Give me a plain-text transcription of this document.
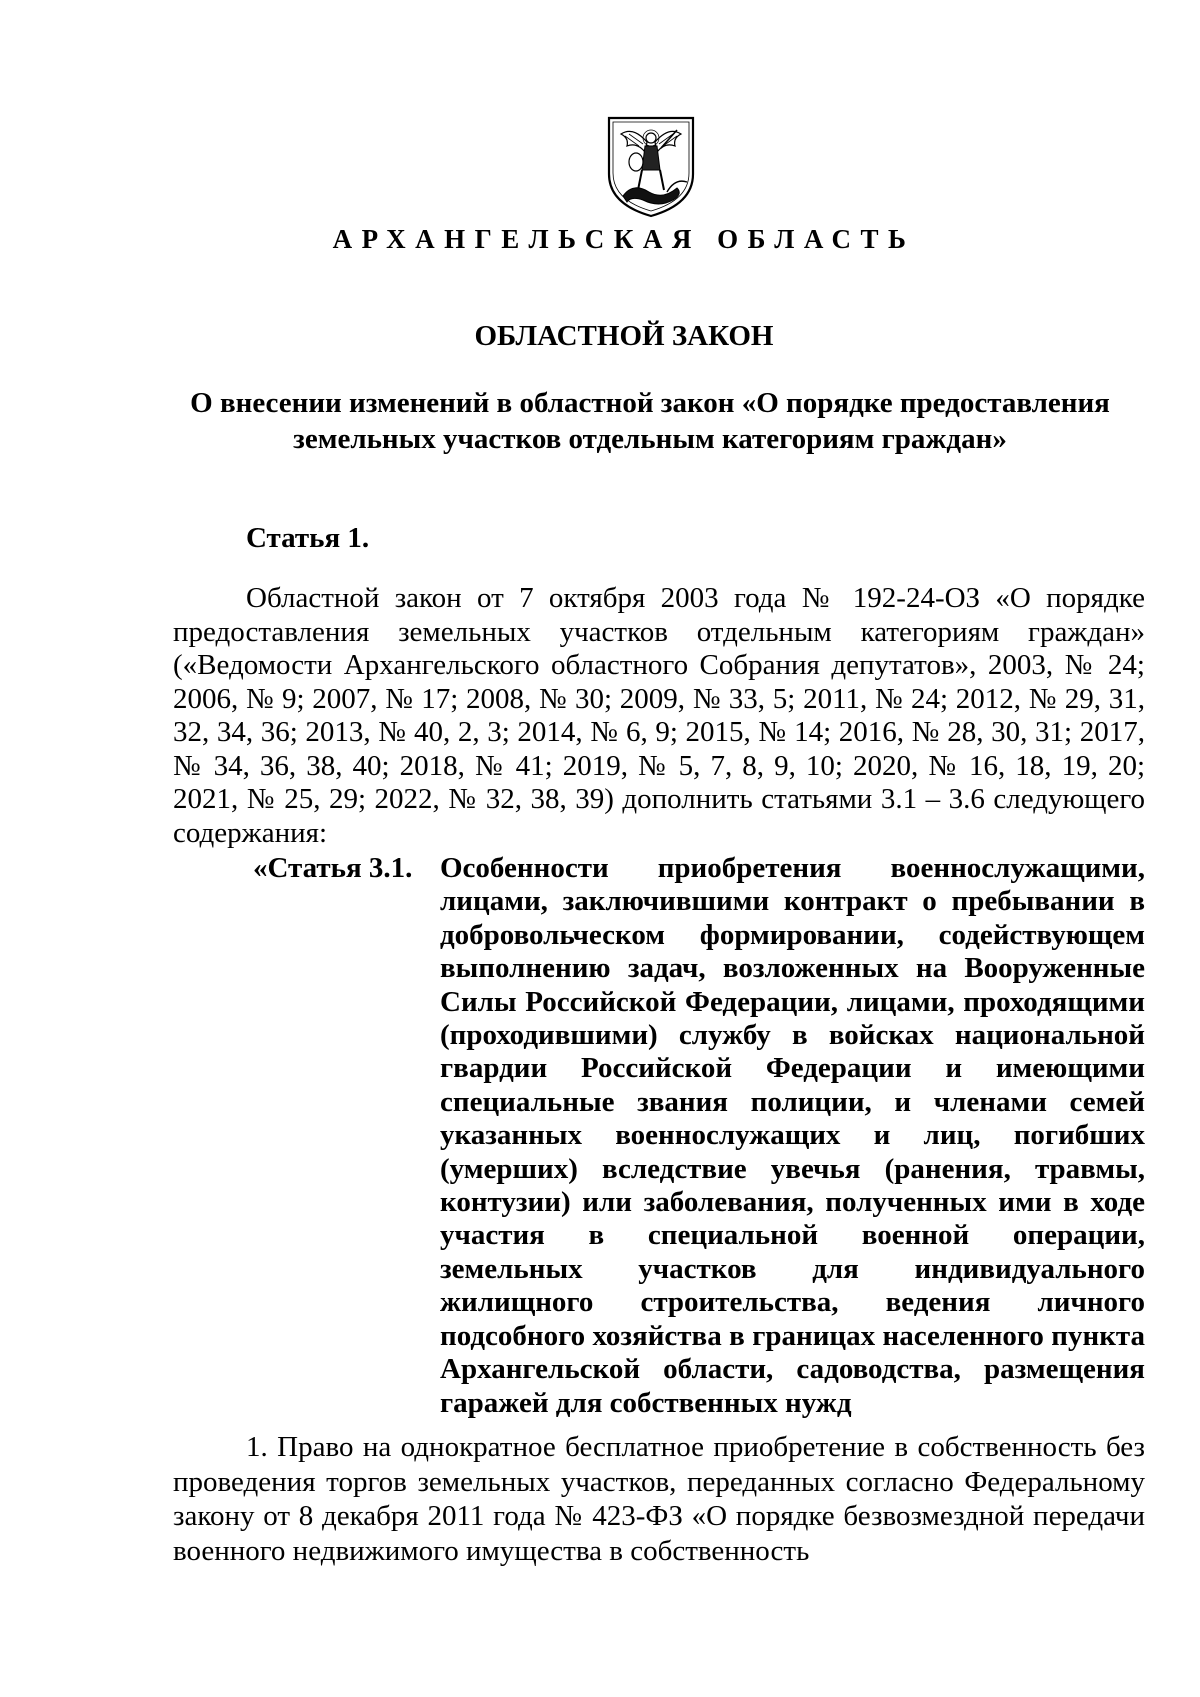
АРХАНГЕЛЬСКАЯ ОБЛАСТЬ
ОБЛАСТНОЙ ЗАКОН
О внесении изменений в областной закон «О порядке предоставления
земельных участков отдельным категориям граждан»
Статья 1.

Областной закон от 7 октября 2003 года № 192-24-ОЗ «О порядке предоставления земельных участков отдельным категориям граждан» («Ведомости Архангельского областного Собрания депутатов», 2003, № 24; 2006, № 9; 2007, № 17; 2008, № 30; 2009, № 33, 5; 2011, № 24; 2012, № 29, 31, 32, 34, 36; 2013, № 40, 2, 3; 2014, № 6, 9; 2015, № 14; 2016, № 28, 30, 31; 2017, № 34, 36, 38, 40; 2018, № 41; 2019, № 5, 7, 8, 9, 10; 2020, № 16, 18, 19, 20; 2021, № 25, 29; 2022, № 32, 38, 39) дополнить статьями 3.1 – 3.6 следующего содержания:

«Статья 3.1. Особенности приобретения военнослужащими, лицами, заключившими контракт о пребывании в добровольческом формировании, содействующем выполнению задач, возложенных на Вооруженные Силы Российской Федерации, лицами, проходящими (проходившими) службу в войсках национальной гвардии Российской Федерации и имеющими специальные звания полиции, и членами семей указанных военнослужащих и лиц, погибших (умерших) вследствие увечья (ранения, травмы, контузии) или заболевания, полученных ими в ходе участия в специальной военной операции, земельных участков для индивидуального жилищного строительства, ведения личного подсобного хозяйства в границах населенного пункта Архангельской области, садоводства, размещения гаражей для собственных нужд

1. Право на однократное бесплатное приобретение в собственность без проведения торгов земельных участков, переданных согласно Федеральному закону от 8 декабря 2011 года № 423-ФЗ «О порядке безвозмездной передачи военного недвижимого имущества в собственность
